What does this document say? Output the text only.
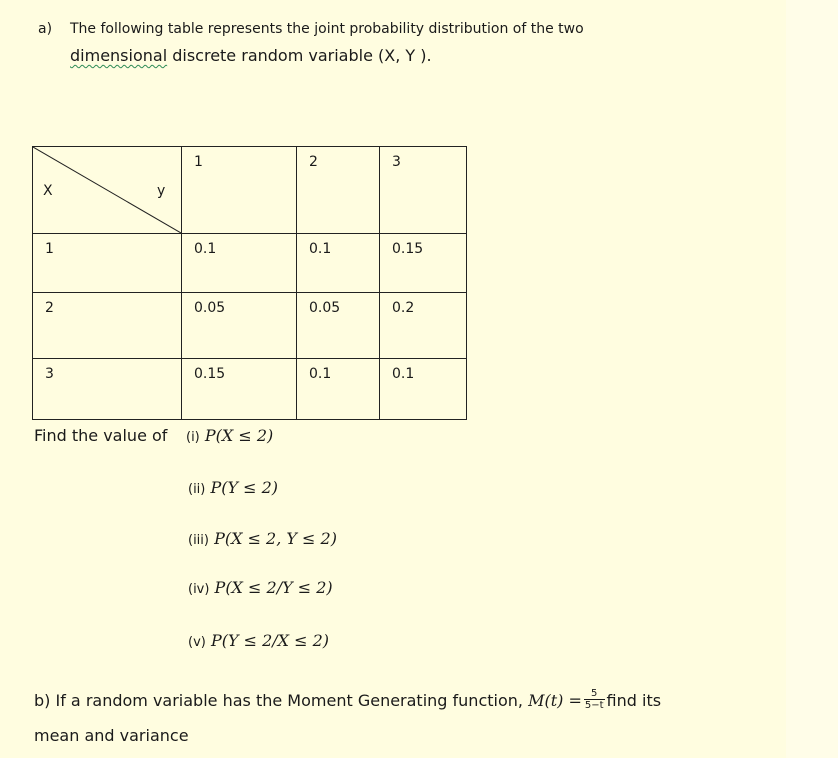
a) The following table represents the joint probability distribution of the two
dimensional discrete random variable (X, Y ).
X y	1	2	3

1	0.1	0.1	0.15

2	0.05	0.05	0.2

3	0.15	0.1	0.1
Find the value of (i) P(X ≤ 2)
(ii) P(Y ≤ 2)
(iii) P(X ≤ 2, Y ≤ 2)
(iv) P(X ≤ 2/Y ≤ 2)
(v) P(Y ≤ 2/X ≤ 2)
b) If a random variable has the Moment Generating function, $M(t) = \frac{5}{5-t}$ find its
mean and variance
